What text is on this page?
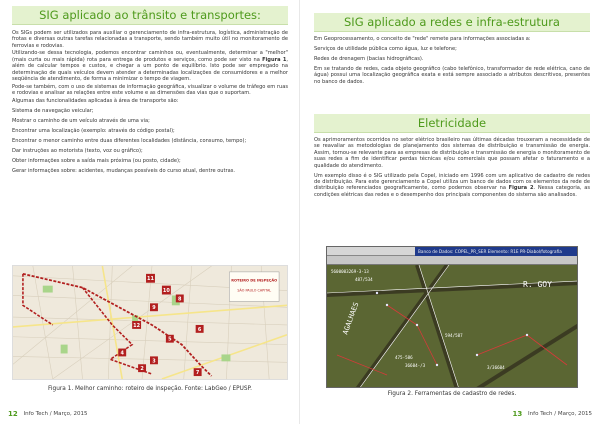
SIG aplicado ao trânsito e transportes:

Os SIGs podem ser utilizados para auxiliar o gerenciamento de infra-estrutura, logística, administração de frotas e diversas outras tarefas relacionadas a transporte, sendo também muito útil no monitoramento de ferrovias e rodovias.

Utilizando-se dessa tecnologia, podemos encontrar caminhos ou, eventualmente, determinar a "melhor" (mais curta ou mais rápida) rota para entrega de produtos e serviços, como pode ser visto na Figura 1, além de calcular tempos e custos, e chegar a um ponto de equilíbrio. Isto pode ser empregado na determinação de quais veículos devem atender a determinadas localizações de consumidores e a melhor seqüência de atendimento, de forma a minimizar o tempo de viagem.

Pode-se também, com o uso de sistemas de informação geográfica, visualizar o volume de tráfego em ruas e rodovias e analisar as relações entre este volume e as dimensões das vias que o suportam.

Algumas das funcionalidades aplicadas à área de transporte são:

Sistema de navegação veicular;

Mostrar o caminho de um veículo através de uma via;

Encontrar uma localização (exemplo: através do código postal);

Encontrar o menor caminho entre duas diferentes localidades (distância, consumo, tempo);

Dar instruções ao motorista (texto, voz ou gráfico);

Obter informações sobre a saída mais próxima (ou posto, cidade);

Gerar informações sobre: acidentes, mudanças possíveis do curso atual, dentre outras.

11
10
8
9
12
6
5
4
3
2
7
ROTEIRO DE INSPEÇÃO
SÃO PAULO CAPITAL
Figura 1. Melhor caminho: roteiro de inspeção. Fonte: LabGeo / EPUSP.
12 Info Tech / Março, 2015
SIG aplicado a redes e infra-estrutura

Em Geoprocessamento, o conceito de "rede" remete para informações associadas a:

Serviços de utilidade pública como água, luz e telefone;

Redes de drenagem (bacias hidrográficas).

Em se tratando de redes, cada objeto geográfico (cabo telefônico, transformador de rede elétrica, cano de água) possui uma localização geográfica exata e está sempre associado a atributos descritivos, presentes no banco de dados.

Eletricidade

Os aprimoramentos ocorridos no setor elétrico brasileiro nas últimas décadas trouxeram a necessidade de se reavaliar as metodologias de planejamento dos sistemas de distribuição e transmissão de energia. Assim, tornou-se relevante para as empresas de distribuição e transmissão de energia o monitoramento de suas redes a fim de identificar perdas técnicas e/ou comerciais que possam afetar o faturamento e a qualidade do atendimento.

Um exemplo disso é o SIG utilizado pela Copel, iniciado em 1996 com um aplicativo de cadastro de redes de distribuição. Para este gerenciamento a Copel utiliza um banco de dados com os elementos da rede de distribuição referenciados geograficamente, como podemos observar na Figura 2. Nessa categoria, as condições elétricas das redes e o desempenho dos principais componentes do sistema são analisados.

Banco de Dados: COPEL_PR_SER Elemento: R1E PR-Diabol/fotografia
5600003269-3-13
487/534
R. GOY
AGALHAES
475-586
36604-/3
594/587
3/36604
Figura 2. Ferramentas de cadastro de redes.
13 Info Tech / Março, 2015
